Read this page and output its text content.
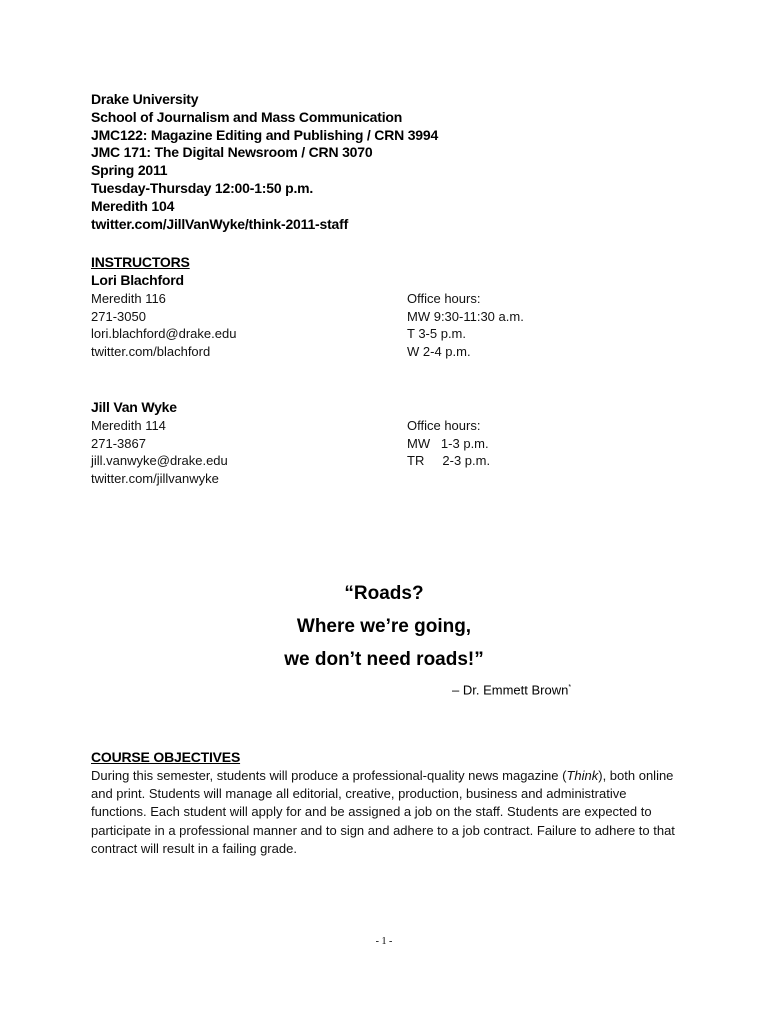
Drake University
School of Journalism and Mass Communication
JMC122: Magazine Editing and Publishing / CRN 3994
JMC 171: The Digital Newsroom / CRN 3070
Spring 2011
Tuesday-Thursday 12:00-1:50 p.m.
Meredith 104
twitter.com/JillVanWyke/think-2011-staff
INSTRUCTORS
Lori Blachford
Meredith 116
271-3050
lori.blachford@drake.edu
twitter.com/blachford
Office hours:
MW 9:30-11:30 a.m.
T 3-5 p.m.
W 2-4 p.m.
Jill Van Wyke
Meredith 114
271-3867
jill.vanwyke@drake.edu
twitter.com/jillvanwyke
Office hours:
MW   1-3 p.m.
TR     2-3 p.m.
“Roads?
Where we’re going,
we don’t need roads!”
– Dr. Emmett Brown*
COURSE OBJECTIVES
During this semester, students will produce a professional-quality news magazine (Think), both online and print. Students will manage all editorial, creative, production, business and administrative functions. Each student will apply for and be assigned a job on the staff. Students are expected to participate in a professional manner and to sign and adhere to a job contract. Failure to adhere to that contract will result in a failing grade.
- 1 -
